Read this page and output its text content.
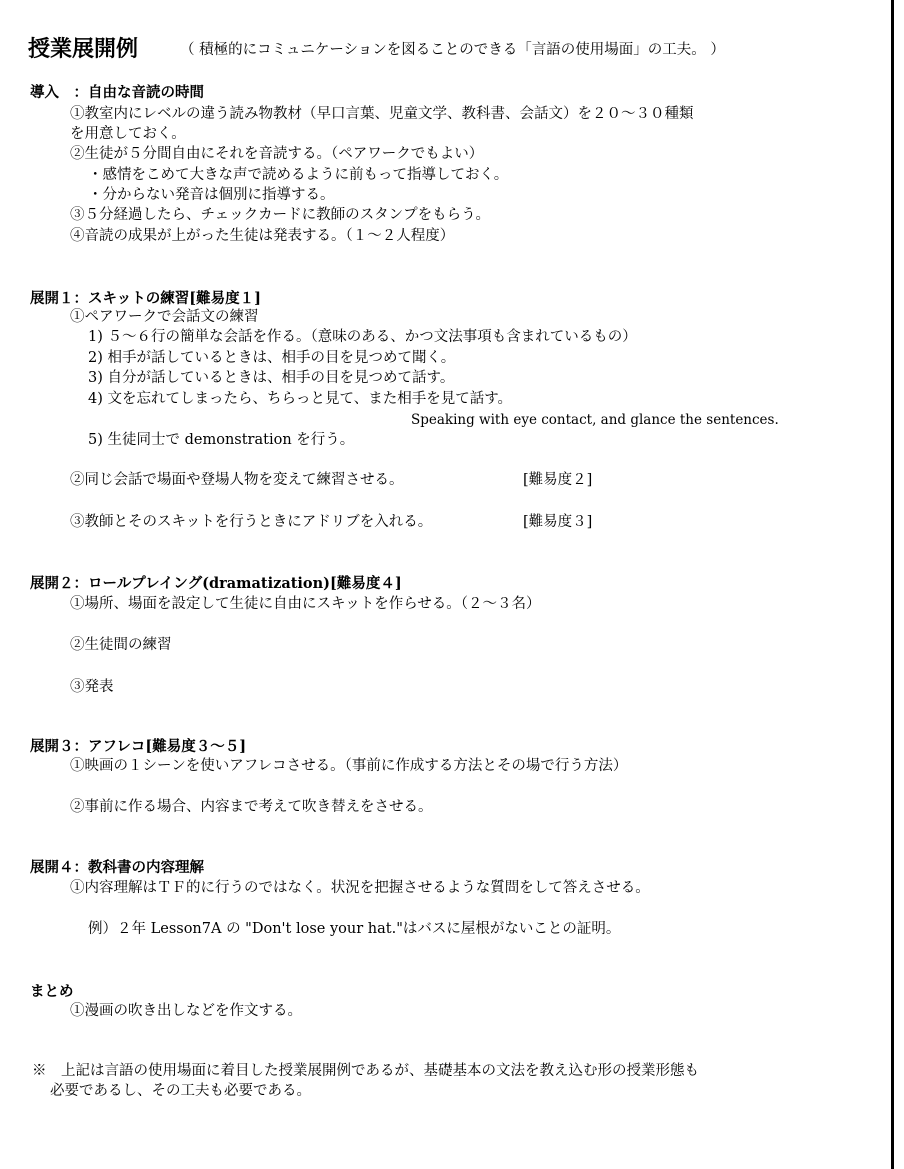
授業展開例	（ 積極的にコミュニケーションを図ることのできる「言語の使用場面」の工夫。 ）
導入　：自由な音読の時間
①教室内にレベルの違う読み物教材（早口言葉、児童文学、教科書、会話文）を２０～３０種類
を用意しておく。
②生徒が５分間自由にそれを音読する。（ペアワークでもよい）
・感情をこめて大きな声で読めるように前もって指導しておく。
・分からない発音は個別に指導する。
③５分経過したら、チェックカードに教師のスタンプをもらう。
④音読の成果が上がった生徒は発表する。（１～２人程度）
展開１：スキットの練習[難易度１]
①ペアワークで会話文の練習
1) ５～６行の簡単な会話を作る。（意味のある、かつ文法事項も含まれているもの）
2) 相手が話しているときは、相手の目を見つめて聞く。
3) 自分が話しているときは、相手の目を見つめて話す。
4) 文を忘れてしまったら、ちらっと見て、また相手を見て話す。
Speaking with eye contact, and glance the sentences.
5) 生徒同士で demonstration を行う。
②同じ会話で場面や登場人物を変えて練習させる。	[難易度２]
③教師とそのスキットを行うときにアドリブを入れる。	[難易度３]
展開２：ロールプレイング(dramatization)[難易度４]
①場所、場面を設定して生徒に自由にスキットを作らせる。（２～３名）
②生徒間の練習
③発表
展開３：アフレコ[難易度３～５]
①映画の１シーンを使いアフレコさせる。（事前に作成する方法とその場で行う方法）
②事前に作る場合、内容まで考えて吹き替えをさせる。
展開４：教科書の内容理解
①内容理解はＴＦ的に行うのではなく。状況を把握させるような質問をして答えさせる。
例）２年 Lesson7A の "Don't lose your hat."はバスに屋根がないことの証明。
まとめ
①漫画の吹き出しなどを作文する。
※　上記は言語の使用場面に着目した授業展開例であるが、基礎基本の文法を教え込む形の授業形態も
必要であるし、その工夫も必要である。
